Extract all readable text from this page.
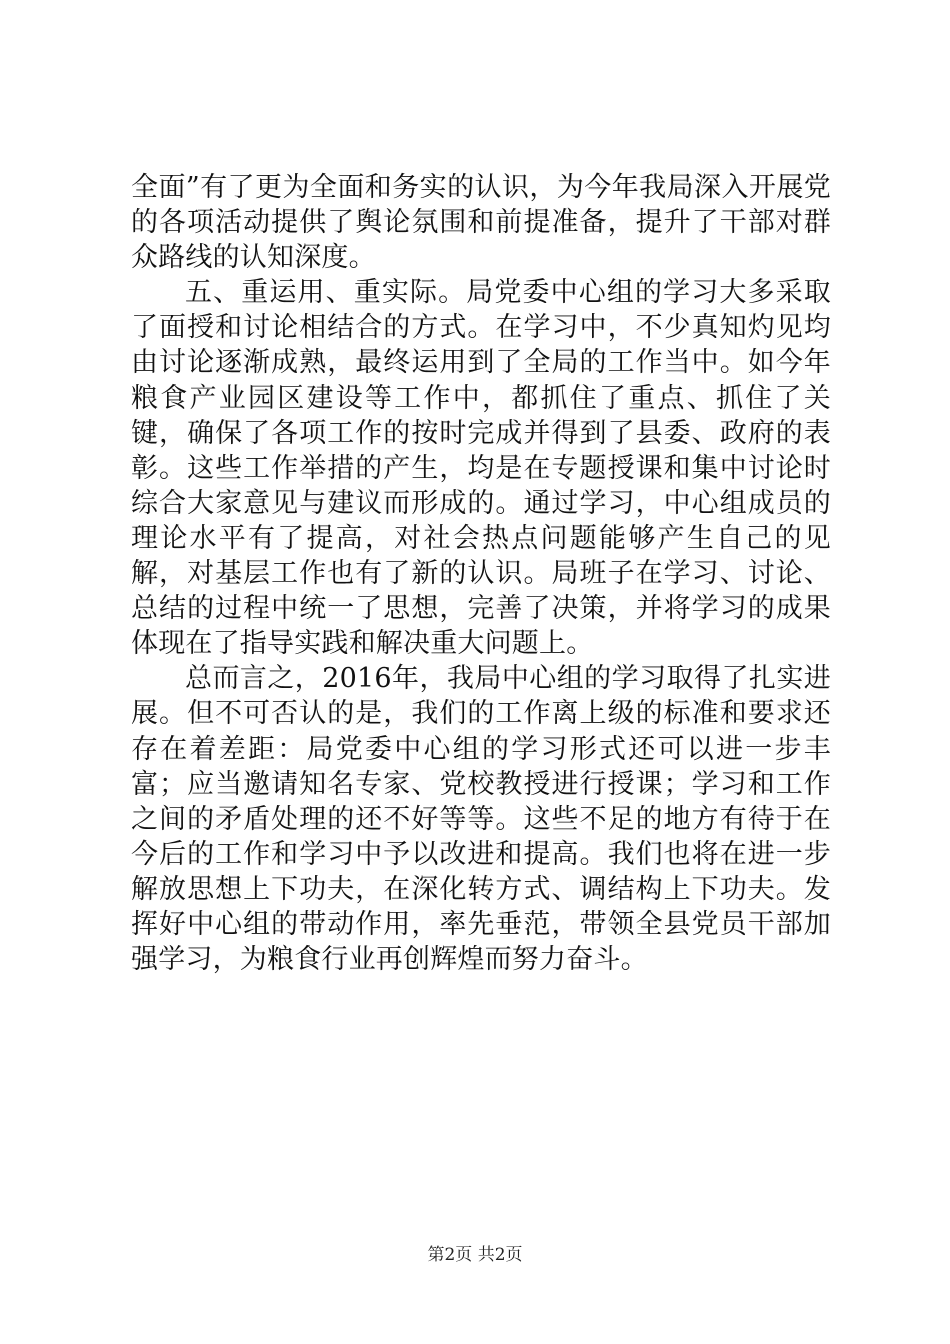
全面”有了更为全面和务实的认识，为今年我局深入开展党的各项活动提供了舆论氛围和前提准备，提升了干部对群众路线的认知深度。

五、重运用、重实际。局党委中心组的学习大多采取了面授和讨论相结合的方式。在学习中，不少真知灼见均由讨论逐渐成熟，最终运用到了全局的工作当中。如今年粮食产业园区建设等工作中，都抓住了重点、抓住了关键，确保了各项工作的按时完成并得到了县委、政府的表彰。这些工作举措的产生，均是在专题授课和集中讨论时综合大家意见与建议而形成的。通过学习，中心组成员的理论水平有了提高，对社会热点问题能够产生自己的见解，对基层工作也有了新的认识。局班子在学习、讨论、总结的过程中统一了思想，完善了决策，并将学习的成果体现在了指导实践和解决重大问题上。

总而言之，2016年，我局中心组的学习取得了扎实进展。但不可否认的是，我们的工作离上级的标准和要求还存在着差距：局党委中心组的学习形式还可以进一步丰富；应当邀请知名专家、党校教授进行授课；学习和工作之间的矛盾处理的还不好等等。这些不足的地方有待于在今后的工作和学习中予以改进和提高。我们也将在进一步解放思想上下功夫，在深化转方式、调结构上下功夫。发挥好中心组的带动作用，率先垂范，带领全县党员干部加强学习，为粮食行业再创辉煌而努力奋斗。

第2页 共2页
